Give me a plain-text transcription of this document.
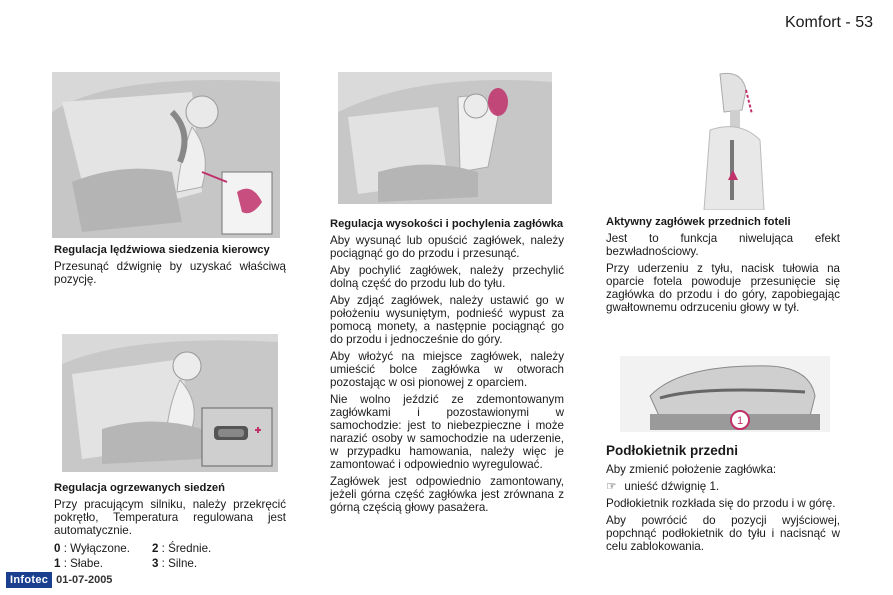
Komfort - 53
Regulacja lędźwiowa siedzenia kierowcy

Przesunąć dźwignię by uzyskać właściwą pozycję.

Regulacja ogrzewanych siedzeń

Przy pracującym silniku, należy przekręcić pokrętło, Temperatura regulowana jest automatycznie.

0 : Wyłączone.
1 : Słabe.
2 : Średnie.
3 : Silne.
Regulacja wysokości i pochylenia zagłówka

Aby wysunąć lub opuścić zagłówek, należy pociągnąć go do przodu i przesunąć.

Aby pochylić zagłówek, należy przechylić dolną część do przodu lub do tyłu.

Aby zdjąć zagłówek, należy ustawić go w położeniu wysuniętym, podnieść wypust za pomocą monety, a następnie pociągnąć go do przodu i jednocześnie do góry.

Aby włożyć na miejsce zagłówek, należy umieścić bolce zagłówka w otworach pozostając w osi pionowej z oparciem.

Nie wolno jeździć ze zdemontowanym zagłówkami i pozostawionymi w samochodzie: jest to niebezpieczne i może narazić osoby w samochodzie na uderzenie, w przypadku hamowania, należy więc je zamontować i odpowiednio wyregulować.

Zagłówek jest odpowiednio zamontowany, jeżeli górna część zagłówka jest zrównana z górną częścią głowy pasażera.

Aktywny zagłówek przednich foteli

Jest to funkcja niwelująca efekt bezwładnościowy.

Przy uderzeniu z tyłu, nacisk tułowia na oparcie fotela powoduje przesunięcie się zagłówka do przodu i do góry, zapobiegając gwałtownemu odrzuceniu głowy w tył.

1
Podłokietnik przedni

Aby zmienić położenie zagłówka:

☞ unieść dźwignię 1.

Podłokietnik rozkłada się do przodu i w górę.

Aby powrócić do pozycji wyjściowej, popchnąć podłokietnik do tyłu i nacisnąć w celu zablokowania.

Infotec 01-07-2005
